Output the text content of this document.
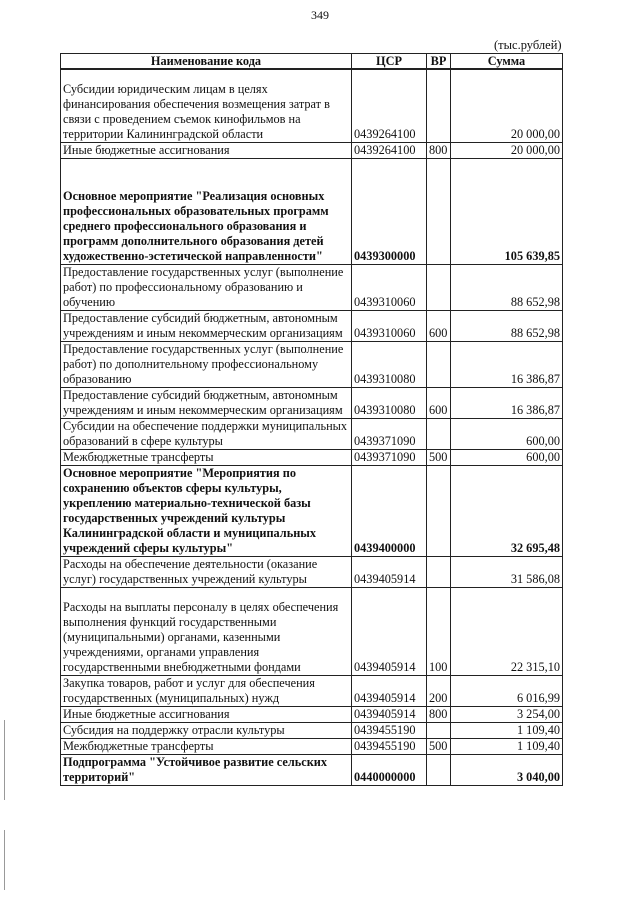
349
(тыс.рублей)
Наименование кода	ЦСР	ВР	Сумма
Субсидии юридическим лицам в целях финансирования обеспечения возмещения затрат в связи с проведением съемок кинофильмов на территории Калининградской области	0439264100		20 000,00
Иные бюджетные ассигнования	0439264100	800	20 000,00
Основное мероприятие "Реализация основных профессиональных образовательных программ среднего профессионального образования и программ дополнительного образования детей художественно-эстетической направленности"	0439300000		105 639,85
Предоставление государственных услуг (выполнение работ) по профессиональному образованию и обучению	0439310060		88 652,98
Предоставление субсидий бюджетным, автономным учреждениям и иным некоммерческим организациям	0439310060	600	88 652,98
Предоставление государственных услуг (выполнение работ) по дополнительному профессиональному образованию	0439310080		16 386,87
Предоставление субсидий бюджетным, автономным учреждениям и иным некоммерческим организациям	0439310080	600	16 386,87
Субсидии на обеспечение поддержки муниципальных образований в сфере культуры	0439371090		600,00
Межбюджетные трансферты	0439371090	500	600,00
Основное мероприятие "Мероприятия по сохранению объектов сферы культуры, укреплению материально-технической базы государственных учреждений культуры Калининградской области и муниципальных учреждений сферы культуры"	0439400000		32 695,48
Расходы на обеспечение деятельности (оказание услуг) государственных учреждений культуры	0439405914		31 586,08
Расходы на выплаты персоналу в целях обеспечения выполнения функций государственными (муниципальными) органами, казенными учреждениями, органами управления государственными внебюджетными фондами	0439405914	100	22 315,10
Закупка товаров, работ и услуг для обеспечения государственных (муниципальных) нужд	0439405914	200	6 016,99
Иные бюджетные ассигнования	0439405914	800	3 254,00
Субсидия на поддержку отрасли культуры	0439455190		1 109,40
Межбюджетные трансферты	0439455190	500	1 109,40
Подпрограмма "Устойчивое развитие сельских территорий"	0440000000		3 040,00
